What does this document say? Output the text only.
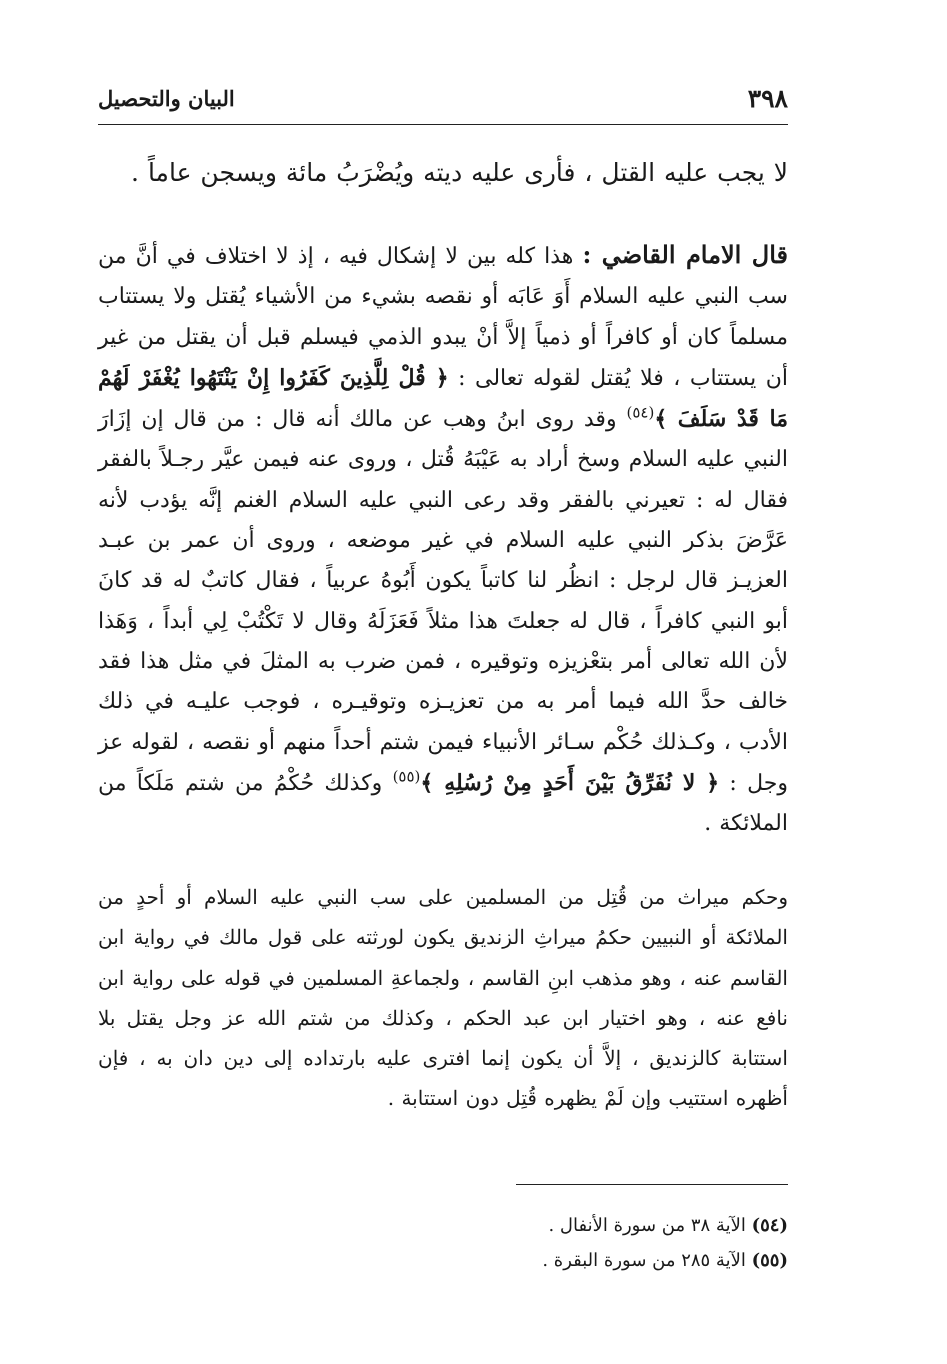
٣٩٨
البيان والتحصيل
لا يجب عليه القتل ، فأرى عليه ديته ويُضْرَبُ مائة ويسجن عاماً .
قال الامام القاضي : هذا كله بين لا إشكال فيه ، إذ لا اختلاف في أنَّ من سب النبي عليه السلام أَوَ عَابَه أو نقصه بشيء من الأشياء يُقتل ولا يستتاب مسلماً كان أو كافراً أو ذمياً إلاَّ أنْ يبدو الذمي فيسلم قبل أن يقتل من غير أن يستتاب ، فلا يُقتل لقوله تعالى : ﴿ قُلْ لِلَّذِينَ كَفَرُوا إِنْ يَنْتَهُوا يُغْفَرْ لَهُمْ مَا قَدْ سَلَفَ ﴾$^{(٥٤)}$ وقد روى ابنُ وهب عن مالك أنه قال : من قال إن إزَارَ النبي عليه السلام وسخ أراد به عَيْبَهُ قُتل ، وروى عنه فيمن عيَّر رجـلاً بالفقر فقال له : تعيرني بالفقر وقد رعى النبي عليه السلام الغنم إنَّه يؤدب لأنه عَرَّضَ بذكر النبي عليه السلام في غير موضعه ، وروى أن عمر بن عبـد العزيـز قال لرجل : انظُر لنا كاتباً يكون أَبُوهُ عربياً ، فقال كاتبٌ له قد كانَ أبو النبي كافراً ، قال له جعلتَ هذا مثلاً فَعَزَلَهُ وقال لا تَكْتُبْ لِي أبداً ، وَهَذا لأن الله تعالى أمر بتعْزيزه وتوقيره ، فمن ضرب به المثلَ في مثل هذا فقد خالف حدَّ الله فيما أمر به من تعزيـزه وتوقيـره ، فوجب عليـه في ذلك الأدب ، وكـذلك حُكْم سـائر الأنبياء فيمن شتم أحداً منهم أو نقصه ، لقوله عز وجل : ﴿ لا نُفَرِّقُ بَيْنَ أَحَدٍ مِنْ رُسُلِهِ ﴾$^{(٥٥)}$ وكذلك حُكْمُ من شتم مَلَكاً من الملائكة .
وحكم ميراث من قُتِل من المسلمين على سب النبي عليه السلام أو أحدٍ من الملائكة أو النبيين حكمُ ميراثِ الزنديق يكون لورثته على قول مالك في رواية ابن القاسم عنه ، وهو مذهب ابنِ القاسم ، ولجماعةِ المسلمين في قوله على رواية ابن نافع عنه ، وهو اختيار ابن عبد الحكم ، وكذلك من شتم الله عز وجل يقتل بلا استتابة كالزنديق ، إلاَّ أن يكون إنما افترى عليه بارتداده إلى دين دان به ، فإن أظهره استتيب وإن لَمْ يظهره قُتِل دون استتابة .
(٥٤) الآية ٣٨ من سورة الأنفال .
(٥٥) الآية ٢٨٥ من سورة البقرة .
